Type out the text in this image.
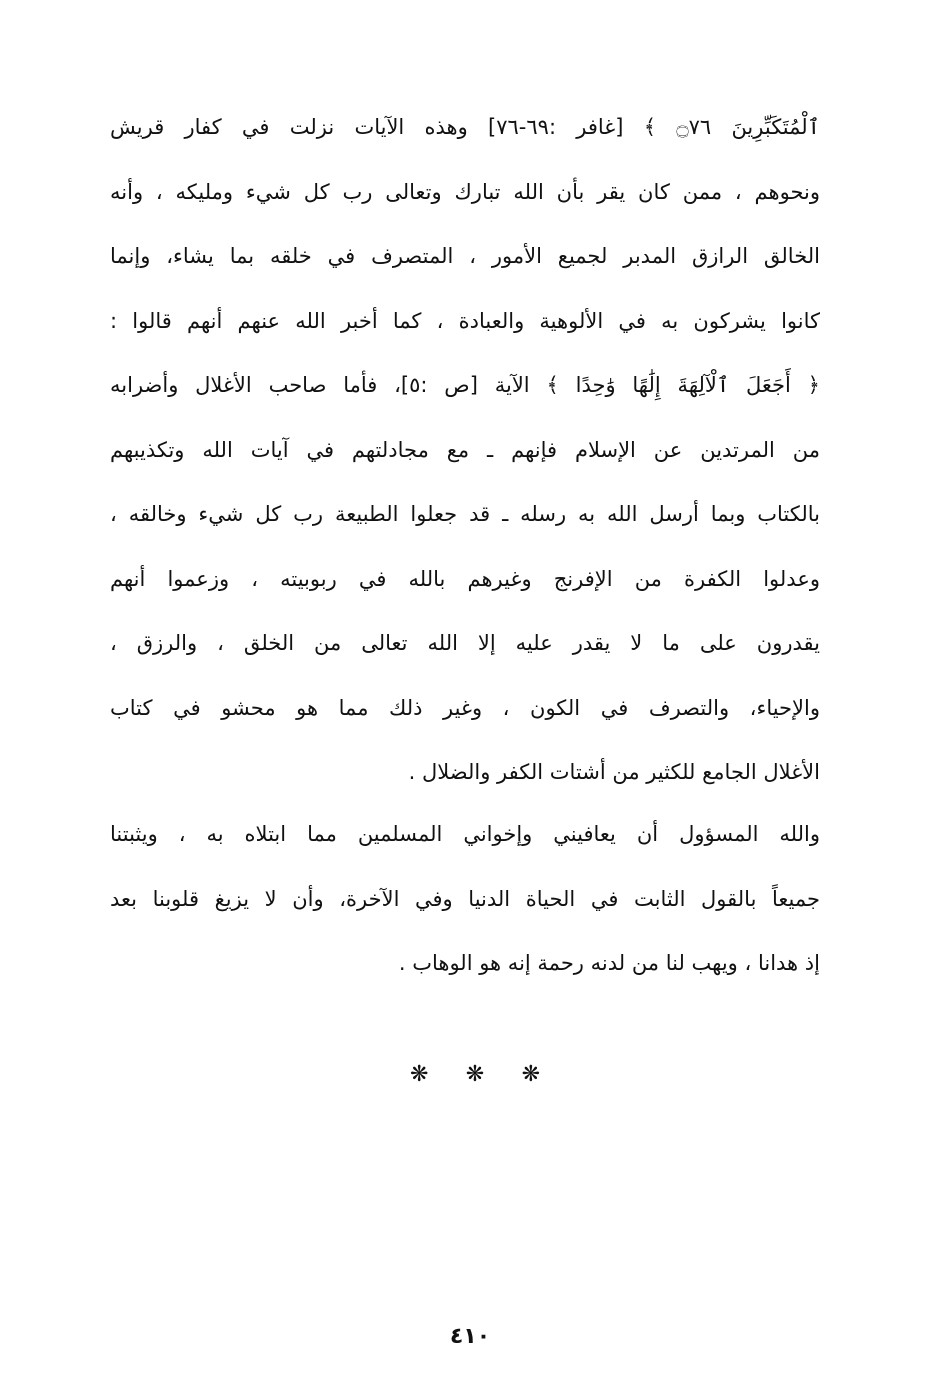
ٱلْمُتَكَبِّرِينَ ۝٧٦ ﴾ [غافر :٦٩-٧٦] وهذه الآيات نزلت في كفار قريش
ونحوهم ، ممن كان يقر بأن الله تبارك وتعالى رب كل شيء ومليكه ، وأنه
الخالق الرازق المدبر لجميع الأمور ، المتصرف في خلقه بما يشاء، وإنما
كانوا يشركون به في الألوهية والعبادة ، كما أخبر الله عنهم أنهم قالوا :
﴿ أَجَعَلَ ٱلْآلِهَةَ إِلَٰهًا وَٰحِدًا ﴾ الآية [ص :٥]، فأما صاحب الأغلال وأضرابه
من المرتدين عن الإسلام فإنهم ـ مع مجادلتهم في آيات الله وتكذيبهم
بالكتاب وبما أرسل الله به رسله ـ قد جعلوا الطبيعة رب كل شيء وخالقه ،
وعدلوا الكفرة من الإفرنج وغيرهم بالله في ربوبيته ، وزعموا أنهم
يقدرون على ما لا يقدر عليه إلا الله تعالى من الخلق ، والرزق ،
والإحياء، والتصرف في الكون ، وغير ذلك مما هو محشو في كتاب
الأغلال الجامع للكثير من أشتات الكفر والضلال .
والله المسؤول أن يعافيني وإخواني المسلمين مما ابتلاه به ، ويثبتنا
جميعاً بالقول الثابت في الحياة الدنيا وفي الآخرة، وأن لا يزيغ قلوبنا بعد
إذ هدانا ، ويهب لنا من لدنه رحمة إنه هو الوهاب .
❋ ❋ ❋
٤١٠
